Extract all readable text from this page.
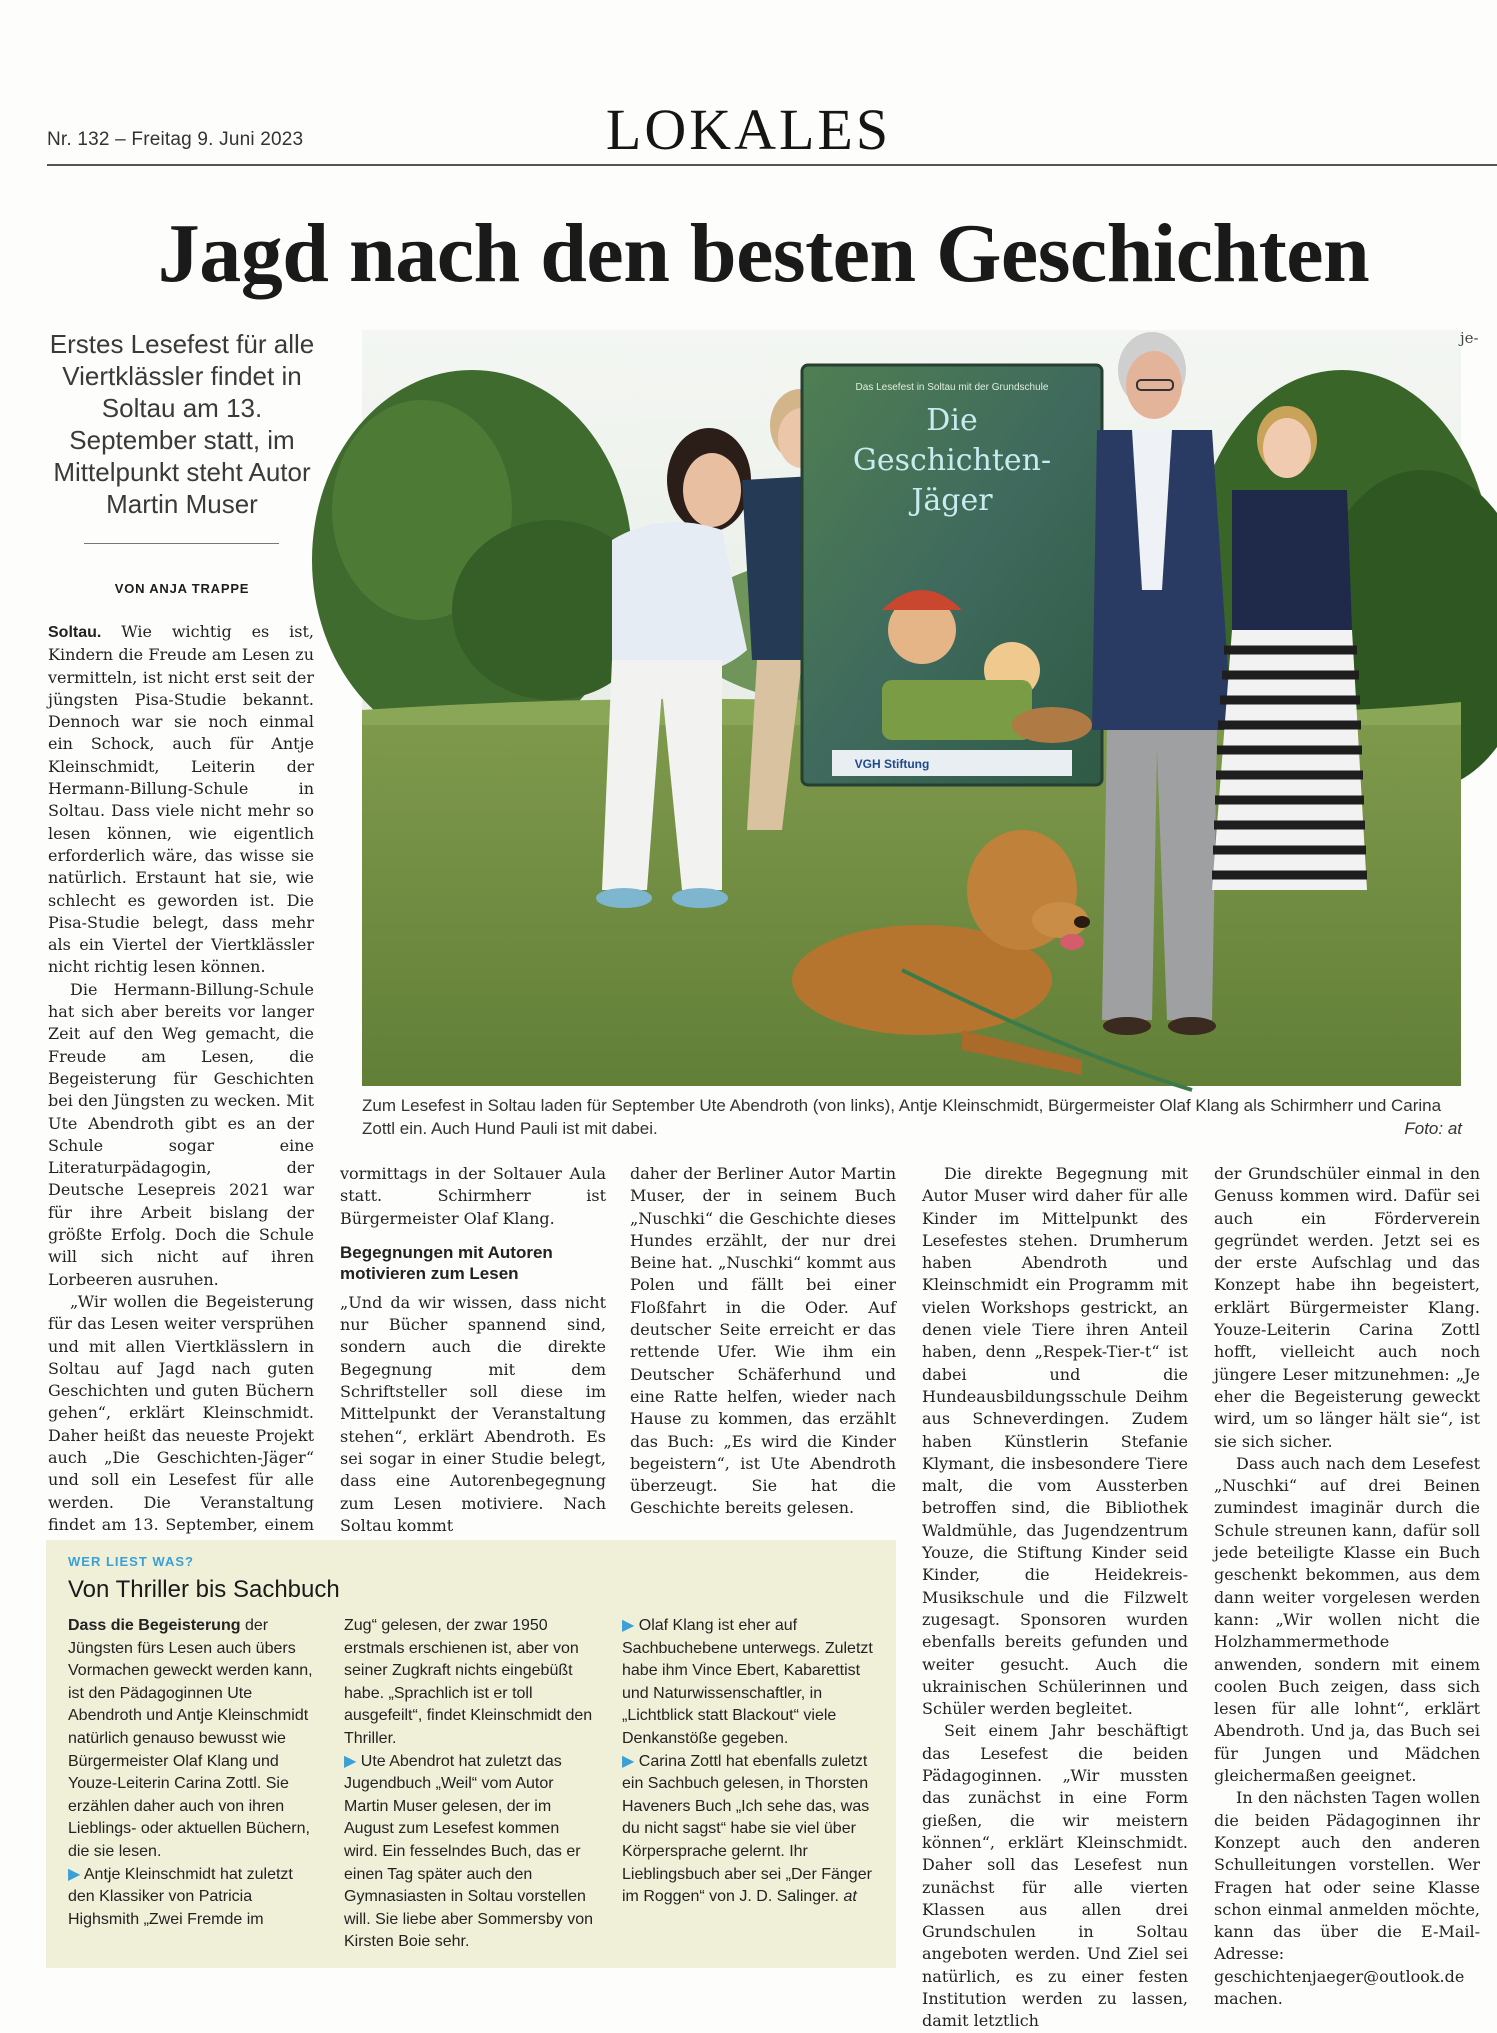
Nr. 132 – Freitag 9. Juni 2023	LOKALES
Jagd nach den besten Geschichten
Erstes Lesefest für alle Viertklässler findet in Soltau am 13. September statt, im Mittelpunkt steht Autor Martin Muser
VON ANJA TRAPPE
Das Lesefest in Soltau mit der Grundschule
Die
Geschichten-
Jäger
VGH Stiftung
je-
Zum Lesefest in Soltau laden für September Ute Abendroth (von links), Antje Kleinschmidt, Bürgermeister Olaf Klang als Schirmherr und Carina Zottl ein. Auch Hund Pauli ist mit dabei.	Foto: at

Soltau. Wie wichtig es ist, Kindern die Freude am Lesen zu vermitteln, ist nicht erst seit der jüngsten Pisa-Studie bekannt. Dennoch war sie noch einmal ein Schock, auch für Antje Kleinschmidt, Leiterin der Hermann-Billung-Schule in Soltau. Dass viele nicht mehr so lesen können, wie eigentlich erforderlich wäre, das wisse sie natürlich. Erstaunt hat sie, wie schlecht es geworden ist. Die Pisa-Studie belegt, dass mehr als ein Viertel der Viertklässler nicht richtig lesen können.

Die Hermann-Billung-Schule hat sich aber bereits vor langer Zeit auf den Weg gemacht, die Freude am Lesen, die Begeisterung für Geschichten bei den Jüngsten zu wecken. Mit Ute Abendroth gibt es an der Schule sogar eine Literaturpädagogin, der Deutsche Lesepreis 2021 war für ihre Arbeit bislang der größte Erfolg. Doch die Schule will sich nicht auf ihren Lorbeeren ausruhen.

„Wir wollen die Begeisterung für das Lesen weiter versprühen und mit allen Viertklässlern in Soltau auf Jagd nach guten Geschichten und guten Büchern gehen“, erklärt Kleinschmidt. Daher heißt das neueste Projekt auch „Die Geschichten-Jäger“ und soll ein Lesefest für alle werden. Die Veranstaltung findet am 13. September, einem

vormittags in der Soltauer Aula statt. Schirmherr ist Bürgermeister Olaf Klang.

Begegnungen mit Autoren motivieren zum Lesen

„Und da wir wissen, dass nicht nur Bücher spannend sind, sondern auch die direkte Begegnung mit dem Schriftsteller soll diese im Mittelpunkt der Veranstaltung stehen“, erklärt Abendroth. Es sei sogar in einer Studie belegt, dass eine Autorenbegegnung zum Lesen motiviere. Nach Soltau kommt

daher der Berliner Autor Martin Muser, der in seinem Buch „Nuschki“ die Geschichte dieses Hundes erzählt, der nur drei Beine hat. „Nuschki“ kommt aus Polen und fällt bei einer Floßfahrt in die Oder. Auf deutscher Seite erreicht er das rettende Ufer. Wie ihm ein Deutscher Schäferhund und eine Ratte helfen, wieder nach Hause zu kommen, das erzählt das Buch: „Es wird die Kinder begeistern“, ist Ute Abendroth überzeugt. Sie hat die Geschichte bereits gelesen.

Die direkte Begegnung mit Autor Muser wird daher für alle Kinder im Mittelpunkt des Lesefestes stehen. Drumherum haben Abendroth und Kleinschmidt ein Programm mit vielen Workshops gestrickt, an denen viele Tiere ihren Anteil haben, denn „Respek-Tier-t“ ist dabei und die Hundeausbildungsschule Deihm aus Schneverdingen. Zudem haben Künstlerin Stefanie Klymant, die insbesondere Tiere malt, die vom Aussterben betroffen sind, die Bibliothek Waldmühle, das Jugendzentrum Youze, die Stiftung Kinder seid Kinder, die Heidekreis-Musikschule und die Filzwelt zugesagt. Sponsoren wurden ebenfalls bereits gefunden und weiter gesucht. Auch die ukrainischen Schülerinnen und Schüler werden begleitet.

Seit einem Jahr beschäftigt das Lesefest die beiden Pädagoginnen. „Wir mussten das zunächst in eine Form gießen, die wir meistern können“, erklärt Kleinschmidt. Daher soll das Lesefest nun zunächst für alle vierten Klassen aus allen drei Grundschulen in Soltau angeboten werden. Und Ziel sei natürlich, es zu einer festen Institution werden zu lassen, damit letztlich

der Grundschüler einmal in den Genuss kommen wird. Dafür sei auch ein Förderverein gegründet werden. Jetzt sei es der erste Aufschlag und das Konzept habe ihn begeistert, erklärt Bürgermeister Klang. Youze-Leiterin Carina Zottl hofft, vielleicht auch noch jüngere Leser mitzunehmen: „Je eher die Begeisterung geweckt wird, um so länger hält sie“, ist sie sich sicher.

Dass auch nach dem Lesefest „Nuschki“ auf drei Beinen zumindest imaginär durch die Schule streunen kann, dafür soll jede beteiligte Klasse ein Buch geschenkt bekommen, aus dem dann weiter vorgelesen werden kann: „Wir wollen nicht die Holzhammermethode anwenden, sondern mit einem coolen Buch zeigen, dass sich lesen für alle lohnt“, erklärt Abendroth. Und ja, das Buch sei für Jungen und Mädchen gleichermaßen geeignet.

In den nächsten Tagen wollen die beiden Pädagoginnen ihr Konzept auch den anderen Schulleitungen vorstellen. Wer Fragen hat oder seine Klasse schon einmal anmelden möchte, kann das über die E-Mail-Adresse: geschichtenjaeger@outlook.de machen.

WER LIEST WAS?
Von Thriller bis Sachbuch

Dass die Begeisterung der Jüngsten fürs Lesen auch übers Vormachen geweckt werden kann, ist den Pädagoginnen Ute Abendroth und Antje Kleinschmidt natürlich genauso bewusst wie Bürgermeister Olaf Klang und Youze-Leiterin Carina Zottl. Sie erzählen daher auch von ihren Lieblings- oder aktuellen Büchern, die sie lesen.

▶ Antje Kleinschmidt hat zuletzt den Klassiker von Patricia Highsmith „Zwei Fremde im

Zug“ gelesen, der zwar 1950 erstmals erschienen ist, aber von seiner Zugkraft nichts eingebüßt habe. „Sprachlich ist er toll ausgefeilt“, findet Kleinschmidt den Thriller.

▶ Ute Abendrot hat zuletzt das Jugendbuch „Weil“ vom Autor Martin Muser gelesen, der im August zum Lesefest kommen wird. Ein fesselndes Buch, das er einen Tag später auch den Gymnasiasten in Soltau vorstellen will. Sie liebe aber Sommersby von Kirsten Boie sehr.

▶ Olaf Klang ist eher auf Sachbuchebene unterwegs. Zuletzt habe ihm Vince Ebert, Kabarettist und Naturwissenschaftler, in „Lichtblick statt Blackout“ viele Denkanstöße gegeben.

▶ Carina Zottl hat ebenfalls zuletzt ein Sachbuch gelesen, in Thorsten Haveners Buch „Ich sehe das, was du nicht sagst“ habe sie viel über Körpersprache gelernt. Ihr Lieblingsbuch aber sei „Der Fänger im Roggen“ von J. D. Salinger. at
